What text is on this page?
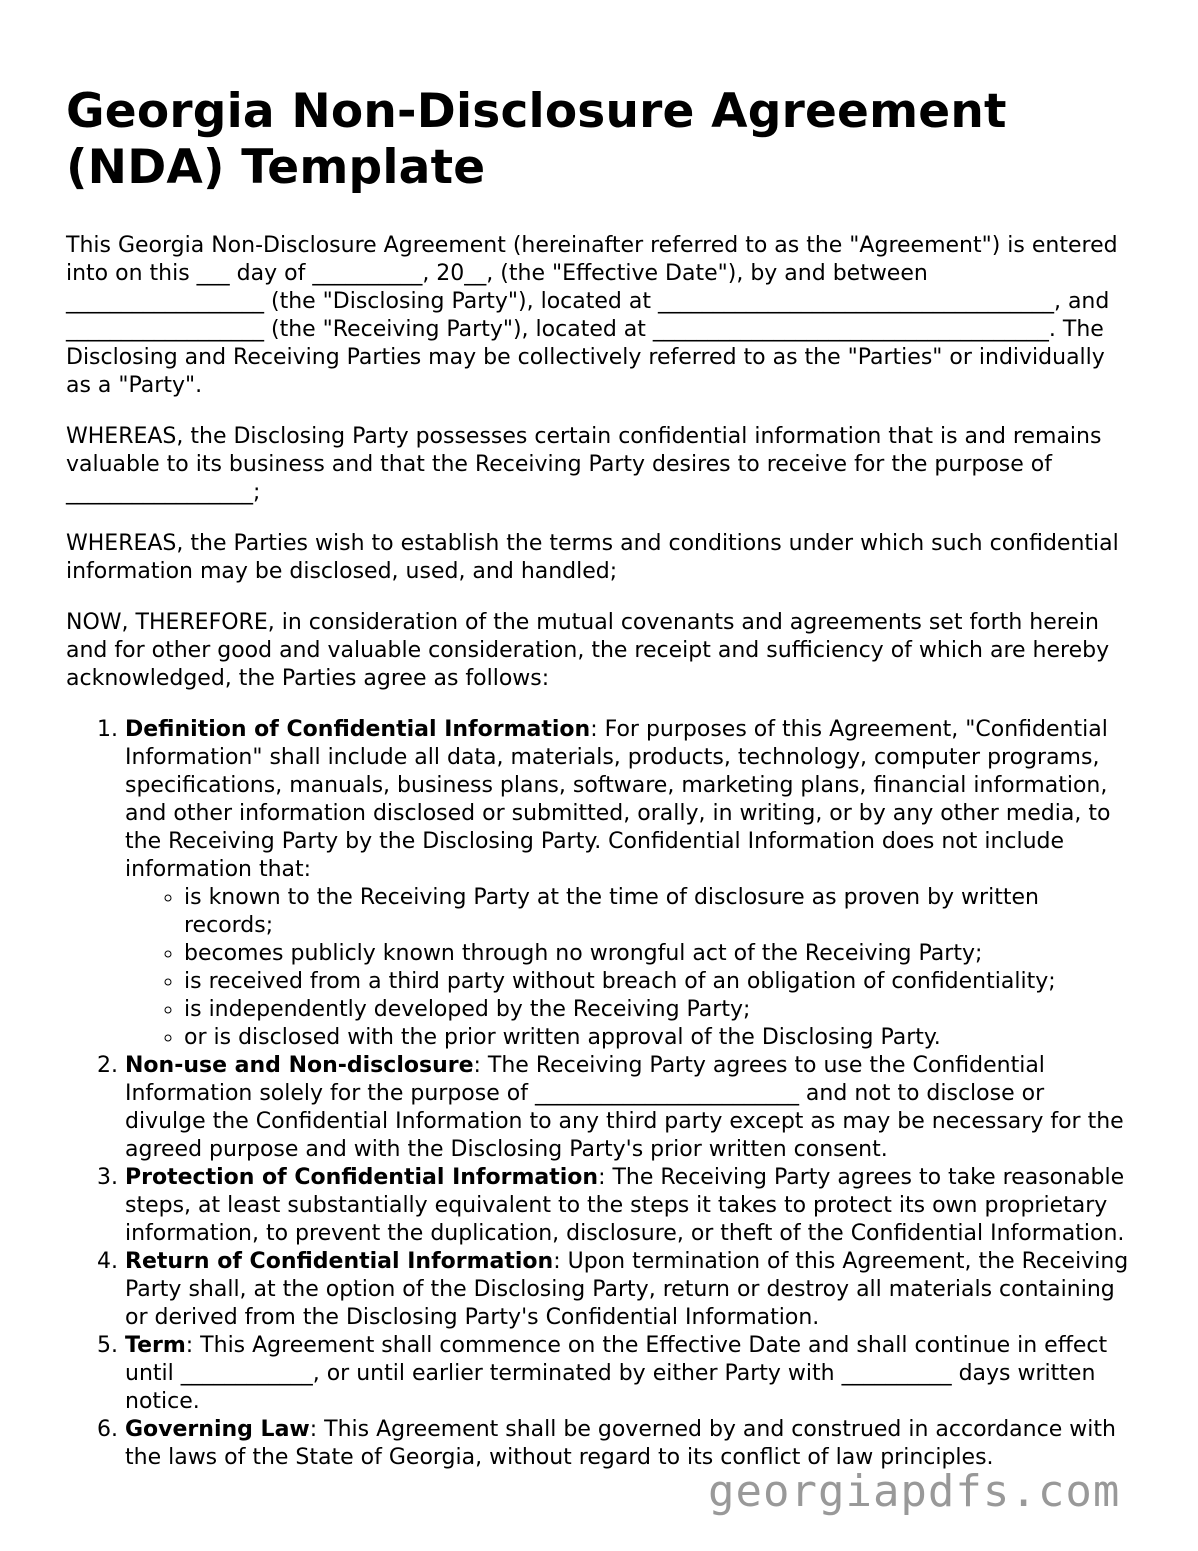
Georgia Non-Disclosure Agreement (NDA) Template

This Georgia Non-Disclosure Agreement (hereinafter referred to as the "Agreement") is entered into on this ___ day of __________, 20__, (the "Effective Date"), by and between __________________ (the "Disclosing Party"), located at ____________________________________, and __________________ (the "Receiving Party"), located at ____________________________________. The Disclosing and Receiving Parties may be collectively referred to as the "Parties" or individually as a "Party".

WHEREAS, the Disclosing Party possesses certain confidential information that is and remains valuable to its business and that the Receiving Party desires to receive for the purpose of _________________;

WHEREAS, the Parties wish to establish the terms and conditions under which such confidential information may be disclosed, used, and handled;

NOW, THEREFORE, in consideration of the mutual covenants and agreements set forth herein and for other good and valuable consideration, the receipt and sufficiency of which are hereby acknowledged, the Parties agree as follows:

1. Definition of Confidential Information: For purposes of this Agreement, "Confidential Information" shall include all data, materials, products, technology, computer programs, specifications, manuals, business plans, software, marketing plans, financial information, and other information disclosed or submitted, orally, in writing, or by any other media, to the Receiving Party by the Disclosing Party. Confidential Information does not include information that:
◦ is known to the Receiving Party at the time of disclosure as proven by written records;
◦ becomes publicly known through no wrongful act of the Receiving Party;
◦ is received from a third party without breach of an obligation of confidentiality;
◦ is independently developed by the Receiving Party;
◦ or is disclosed with the prior written approval of the Disclosing Party.
2. Non-use and Non-disclosure: The Receiving Party agrees to use the Confidential Information solely for the purpose of ________________________ and not to disclose or divulge the Confidential Information to any third party except as may be necessary for the agreed purpose and with the Disclosing Party's prior written consent.
3. Protection of Confidential Information: The Receiving Party agrees to take reasonable steps, at least substantially equivalent to the steps it takes to protect its own proprietary information, to prevent the duplication, disclosure, or theft of the Confidential Information.
4. Return of Confidential Information: Upon termination of this Agreement, the Receiving Party shall, at the option of the Disclosing Party, return or destroy all materials containing or derived from the Disclosing Party's Confidential Information.
5. Term: This Agreement shall commence on the Effective Date and shall continue in effect until ____________, or until earlier terminated by either Party with __________ days written notice.
6. Governing Law: This Agreement shall be governed by and construed in accordance with the laws of the State of Georgia, without regard to its conflict of law principles.
georgiapdfs.com
